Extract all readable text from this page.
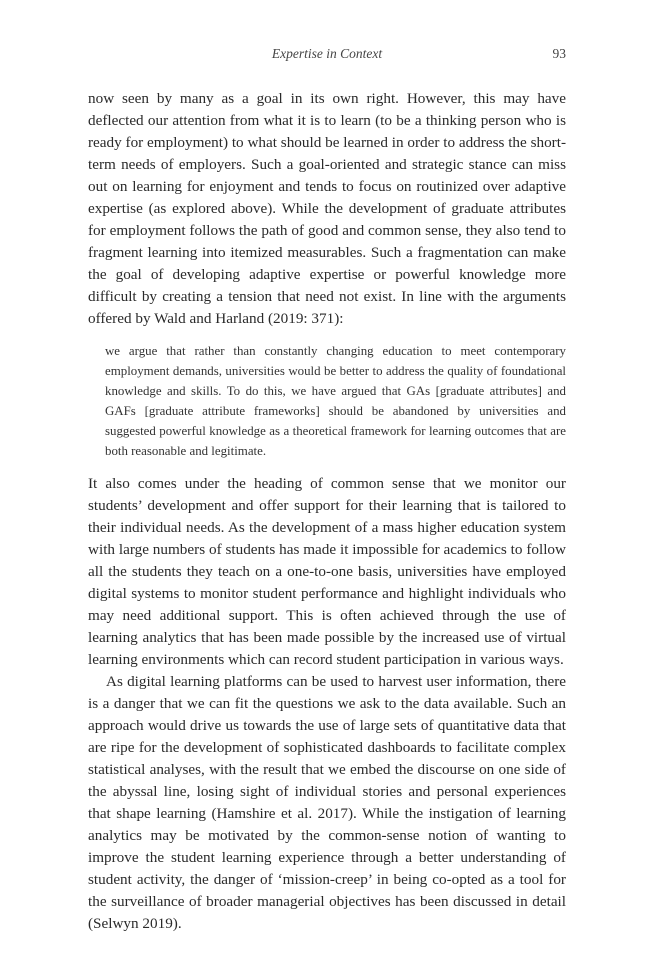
Expertise in Context	93

now seen by many as a goal in its own right. However, this may have deflected our attention from what it is to learn (to be a thinking person who is ready for employment) to what should be learned in order to address the short-term needs of employers. Such a goal-oriented and strategic stance can miss out on learning for enjoyment and tends to focus on routinized over adaptive expertise (as explored above). While the development of graduate attributes for employment follows the path of good and common sense, they also tend to fragment learning into itemized measurables. Such a fragmentation can make the goal of developing adaptive expertise or powerful knowledge more difficult by creating a tension that need not exist. In line with the arguments offered by Wald and Harland (2019: 371):

we argue that rather than constantly changing education to meet contemporary employment demands, universities would be better to address the quality of foundational knowledge and skills. To do this, we have argued that GAs [graduate attributes] and GAFs [graduate attribute frameworks] should be abandoned by universities and suggested powerful knowledge as a theoretical framework for learning outcomes that are both reasonable and legitimate.

It also comes under the heading of common sense that we monitor our students’ development and offer support for their learning that is tailored to their individual needs. As the development of a mass higher education system with large numbers of students has made it impossible for academics to follow all the students they teach on a one-to-one basis, universities have employed digital systems to monitor student performance and highlight individuals who may need additional support. This is often achieved through the use of learning analytics that has been made possible by the increased use of virtual learning environments which can record student participation in various ways.

As digital learning platforms can be used to harvest user information, there is a danger that we can fit the questions we ask to the data available. Such an approach would drive us towards the use of large sets of quantitative data that are ripe for the development of sophisticated dashboards to facilitate complex statistical analyses, with the result that we embed the discourse on one side of the abyssal line, losing sight of individual stories and personal experiences that shape learning (Hamshire et al. 2017). While the instigation of learning analytics may be motivated by the common-sense notion of wanting to improve the student learning experience through a better understanding of student activity, the danger of ‘mission-creep’ in being co-opted as a tool for the surveillance of broader managerial objectives has been discussed in detail (Selwyn 2019).
